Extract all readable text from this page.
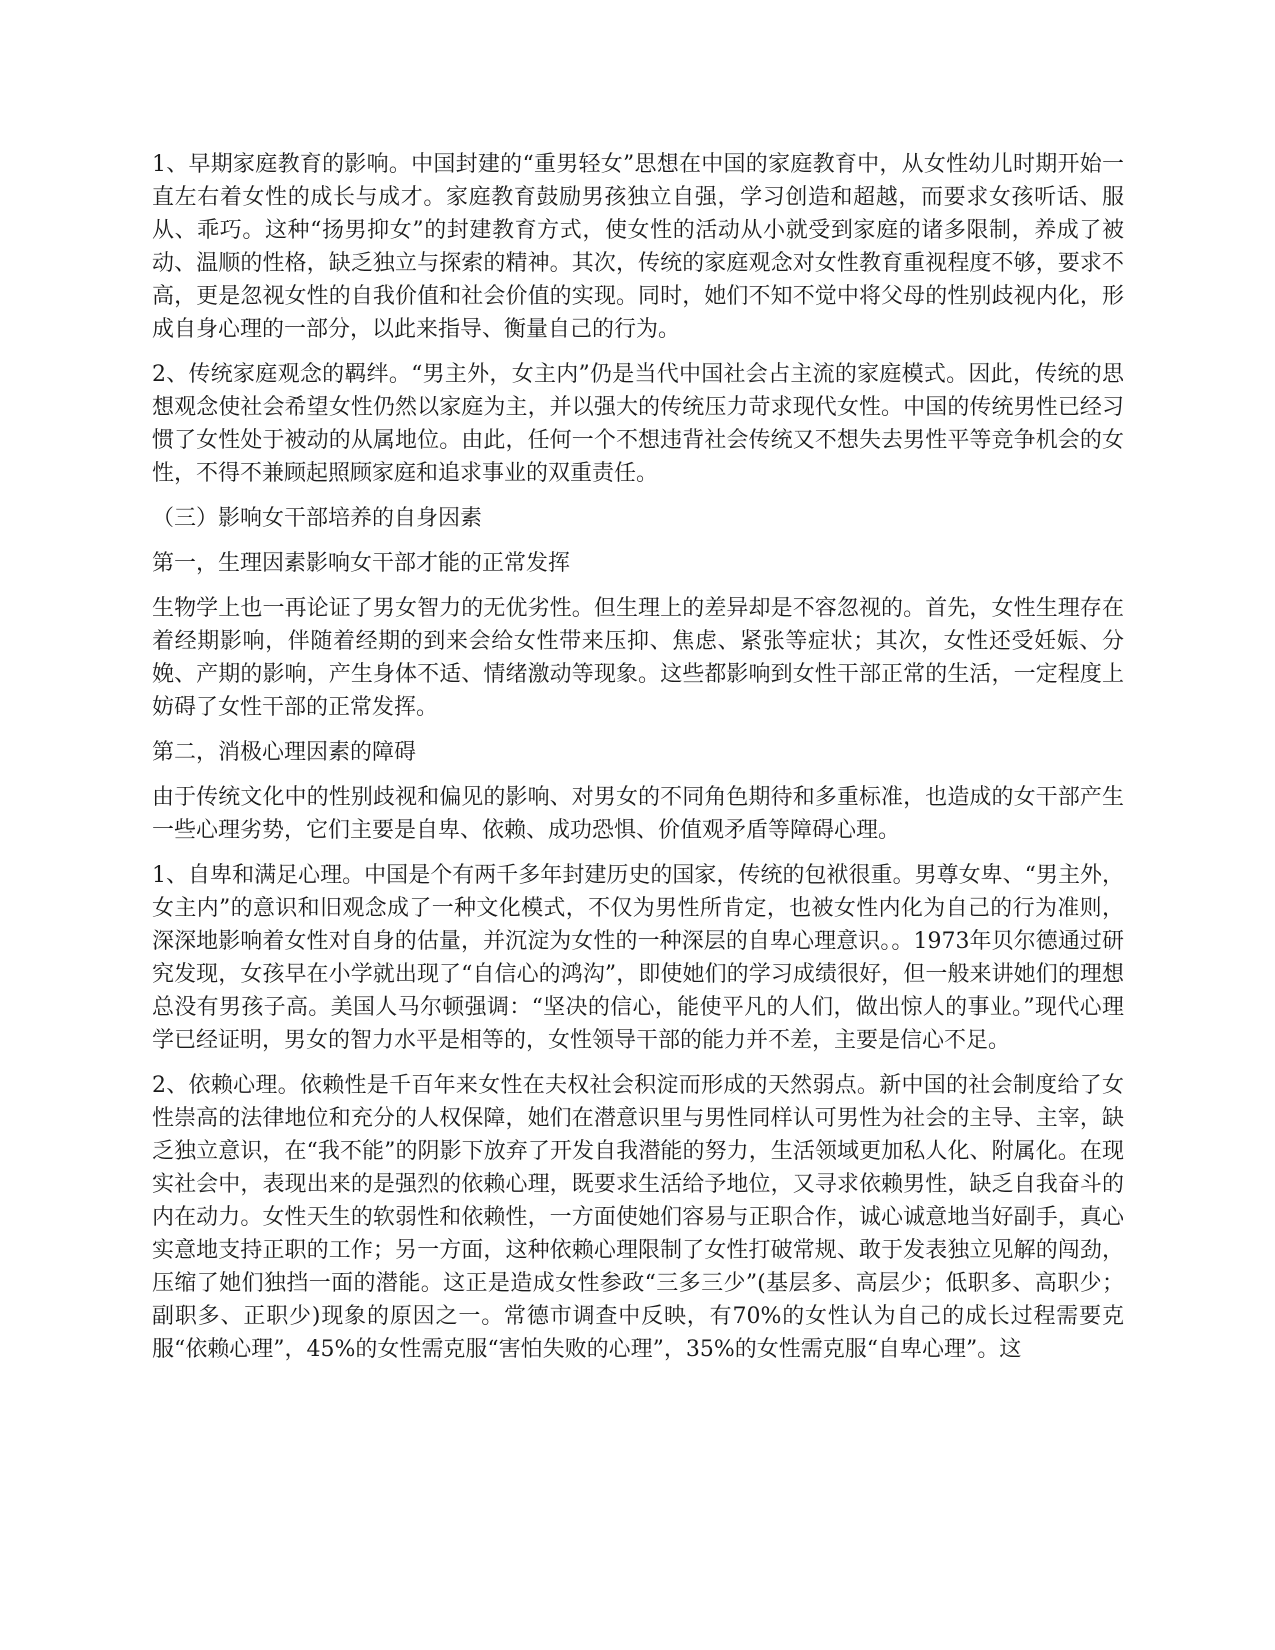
1、早期家庭教育的影响。中国封建的“重男轻女”思想在中国的家庭教育中，从女性幼儿时期开始一直左右着女性的成长与成才。家庭教育鼓励男孩独立自强，学习创造和超越，而要求女孩听话、服从、乖巧。这种“扬男抑女”的封建教育方式，使女性的活动从小就受到家庭的诸多限制，养成了被动、温顺的性格，缺乏独立与探索的精神。其次，传统的家庭观念对女性教育重视程度不够，要求不高，更是忽视女性的自我价值和社会价值的实现。同时，她们不知不觉中将父母的性别歧视内化，形成自身心理的一部分，以此来指导、衡量自己的行为。

2、传统家庭观念的羁绊。“男主外，女主内”仍是当代中国社会占主流的家庭模式。因此，传统的思想观念使社会希望女性仍然以家庭为主，并以强大的传统压力苛求现代女性。中国的传统男性已经习惯了女性处于被动的从属地位。由此，任何一个不想违背社会传统又不想失去男性平等竞争机会的女性，不得不兼顾起照顾家庭和追求事业的双重责任。

（三）影响女干部培养的自身因素

第一，生理因素影响女干部才能的正常发挥

生物学上也一再论证了男女智力的无优劣性。但生理上的差异却是不容忽视的。首先，女性生理存在着经期影响，伴随着经期的到来会给女性带来压抑、焦虑、紧张等症状；其次，女性还受妊娠、分娩、产期的影响，产生身体不适、情绪激动等现象。这些都影响到女性干部正常的生活，一定程度上妨碍了女性干部的正常发挥。

第二，消极心理因素的障碍

由于传统文化中的性别歧视和偏见的影响、对男女的不同角色期待和多重标准，也造成的女干部产生一些心理劣势，它们主要是自卑、依赖、成功恐惧、价值观矛盾等障碍心理。

1、自卑和满足心理。中国是个有两千多年封建历史的国家，传统的包袱很重。男尊女卑、“男主外，女主内”的意识和旧观念成了一种文化模式，不仅为男性所肯定，也被女性内化为自己的行为准则，深深地影响着女性对自身的估量，并沉淀为女性的一种深层的自卑心理意识。。1973年贝尔德通过研究发现，女孩早在小学就出现了“自信心的鸿沟”，即使她们的学习成绩很好，但一般来讲她们的理想总没有男孩子高。美国人马尔顿强调：“坚决的信心，能使平凡的人们，做出惊人的事业。”现代心理学已经证明，男女的智力水平是相等的，女性领导干部的能力并不差，主要是信心不足。

2、依赖心理。依赖性是千百年来女性在夫权社会积淀而形成的天然弱点。新中国的社会制度给了女性崇高的法律地位和充分的人权保障，她们在潜意识里与男性同样认可男性为社会的主导、主宰，缺乏独立意识，在“我不能”的阴影下放弃了开发自我潜能的努力，生活领域更加私人化、附属化。在现实社会中，表现出来的是强烈的依赖心理，既要求生活给予地位，又寻求依赖男性，缺乏自我奋斗的内在动力。女性天生的软弱性和依赖性，一方面使她们容易与正职合作，诚心诚意地当好副手，真心实意地支持正职的工作；另一方面，这种依赖心理限制了女性打破常规、敢于发表独立见解的闯劲，压缩了她们独挡一面的潜能。这正是造成女性参政“三多三少”(基层多、高层少；低职多、高职少；副职多、正职少)现象的原因之一。常德市调查中反映，有70%的女性认为自己的成长过程需要克服“依赖心理”，45%的女性需克服“害怕失败的心理”，35%的女性需克服“自卑心理”。这
